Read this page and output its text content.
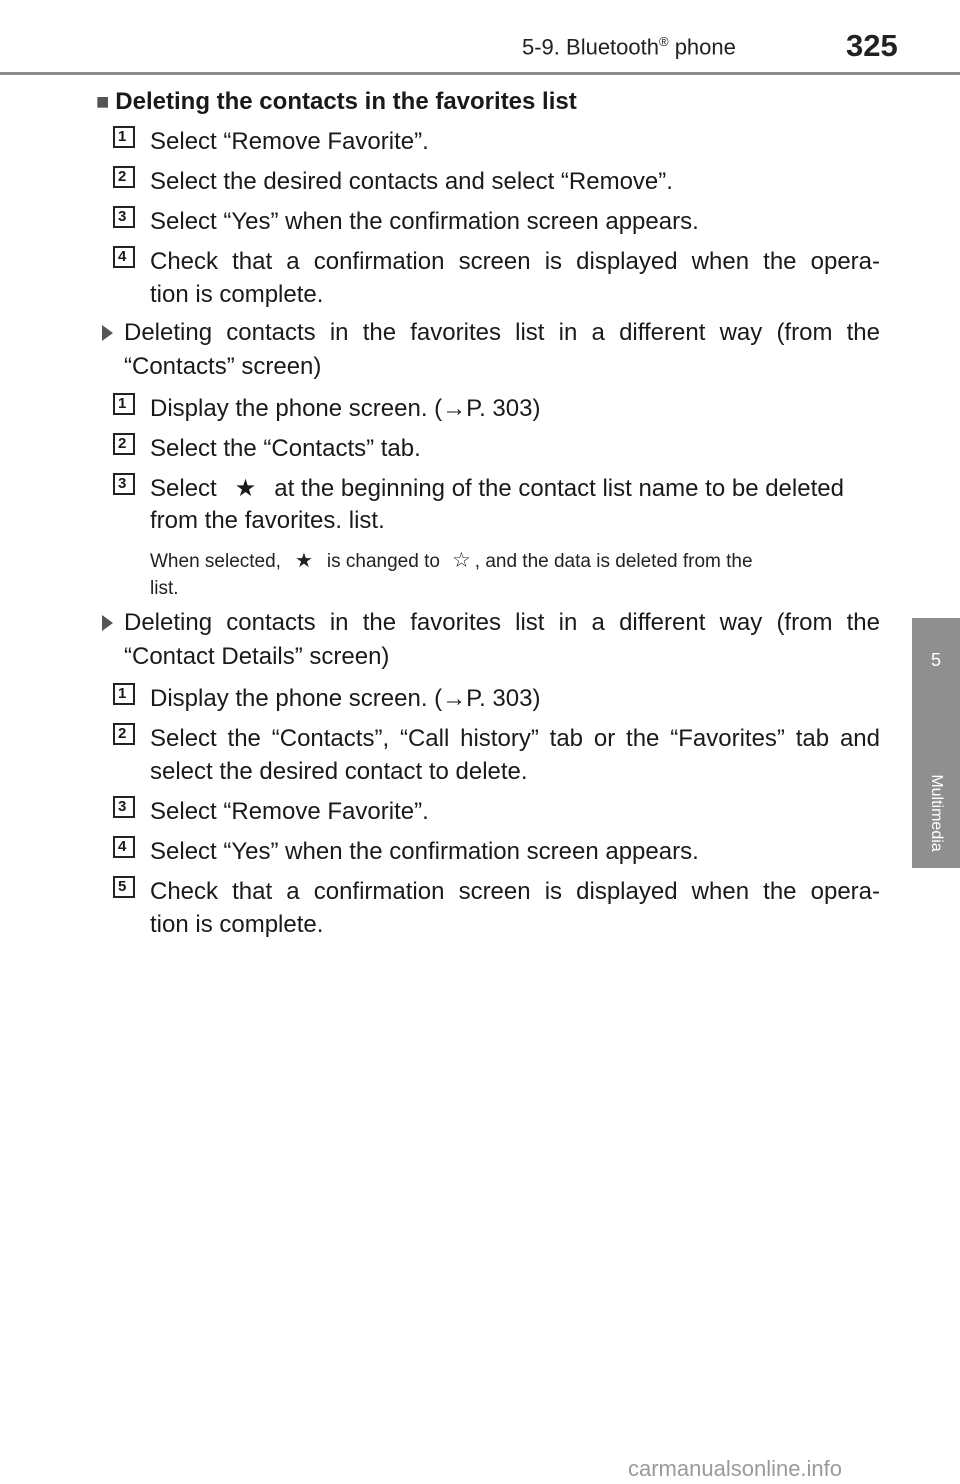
5-9. Bluetooth® phone	325
5
Multimedia
■ Deleting the contacts in the favorites list
1 Select “Remove Favorite”.
2 Select the desired contacts and select “Remove”.
3 Select “Yes” when the confirmation screen appears.
4 Check that a confirmation screen is displayed when the opera-
tion is complete.
Deleting contacts in the favorites list in a different way (from the
“Contacts” screen)
1 Display the phone screen. (→P. 303)
2 Select the “Contacts” tab.
3 Select ★ at the beginning of the contact list name to be deleted
from the favorites. list.
When selected, ★ is changed to ☆ , and the data is deleted from the
list.
Deleting contacts in the favorites list in a different way (from the
“Contact Details” screen)
1 Display the phone screen. (→P. 303)
2 Select the “Contacts”, “Call history” tab or the “Favorites” tab and
select the desired contact to delete.
3 Select “Remove Favorite”.
4 Select “Yes” when the confirmation screen appears.
5 Check that a confirmation screen is displayed when the opera-
tion is complete.
carmanualsonline.info
